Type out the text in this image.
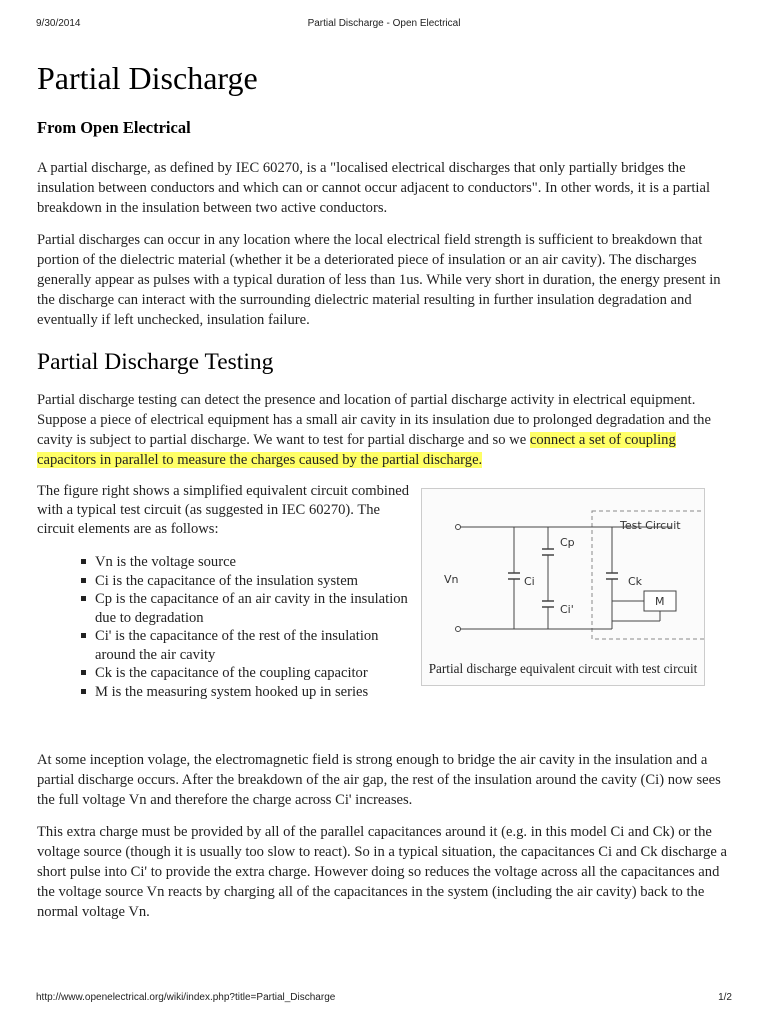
9/30/2014	Partial Discharge - Open Electrical
Partial Discharge
From Open Electrical

A partial discharge, as defined by IEC 60270, is a "localised electrical discharges that only partially bridges the insulation between conductors and which can or cannot occur adjacent to conductors". In other words, it is a partial breakdown in the insulation between two active conductors.

Partial discharges can occur in any location where the local electrical field strength is sufficient to breakdown that portion of the dielectric material (whether it be a deteriorated piece of insulation or an air cavity). The discharges generally appear as pulses with a typical duration of less than 1us. While very short in duration, the energy present in the discharge can interact with the surrounding dielectric material resulting in further insulation degradation and eventually if left unchecked, insulation failure.

Partial Discharge Testing

Partial discharge testing can detect the presence and location of partial discharge activity in electrical equipment. Suppose a piece of electrical equipment has a small air cavity in its insulation due to prolonged degradation and the cavity is subject to partial discharge. We want to test for partial discharge and so we connect a set of coupling capacitors in parallel to measure the charges caused by the partial discharge.

The figure right shows a simplified equivalent circuit combined with a typical test circuit (as suggested in IEC 60270). The circuit elements are as follows:

Vn is the voltage source
Ci is the capacitance of the insulation system
Cp is the capacitance of an air cavity in the insulation due to degradation
Ci' is the capacitance of the rest of the insulation around the air cavity
Ck is the capacitance of the coupling capacitor
M is the measuring system hooked up in series
Test Circuit
Vn	Ci
Cp
Ci'
Ck
M
Partial discharge equivalent circuit with test circuit

At some inception volage, the electromagnetic field is strong enough to bridge the air cavity in the insulation and a partial discharge occurs. After the breakdown of the air gap, the rest of the insulation around the cavity (Ci) now sees the full voltage Vn and therefore the charge across Ci' increases.

This extra charge must be provided by all of the parallel capacitances around it (e.g. in this model Ci and Ck) or the voltage source (though it is usually too slow to react). So in a typical situation, the capacitances Ci and Ck discharge a short pulse into Ci' to provide the extra charge. However doing so reduces the voltage across all the capacitances and the voltage source Vn reacts by charging all of the capacitances in the system (including the air cavity) back to the normal voltage Vn.

http://www.openelectrical.org/wiki/index.php?title=Partial_Discharge	1/2
